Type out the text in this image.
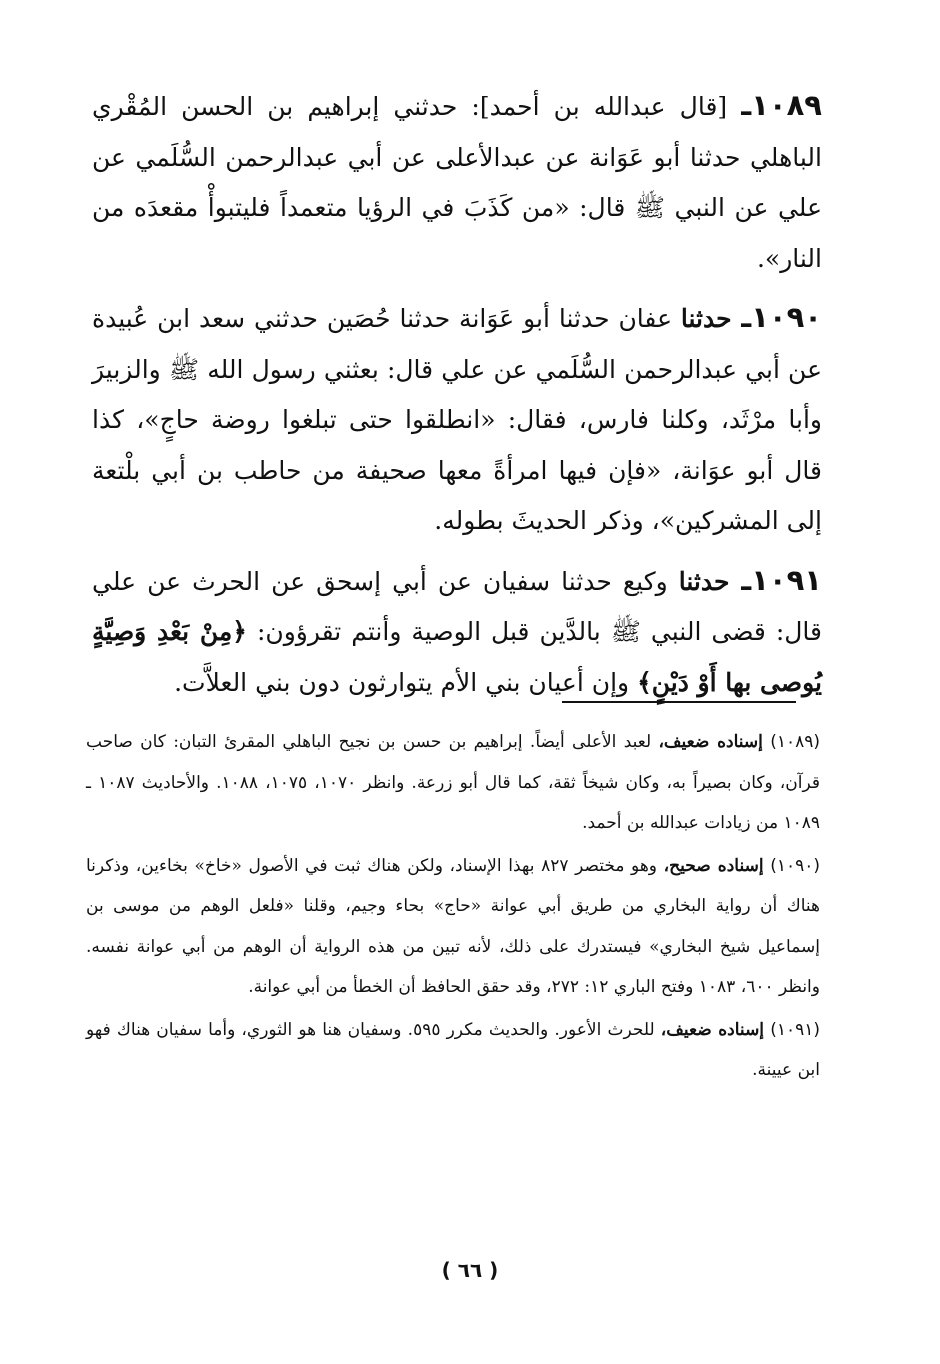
١٠٨٩ـ [قال عبدالله بن أحمد]: حدثني إبراهيم بن الحسن المُقْري الباهلي حدثنا أبو عَوَانة عن عبدالأعلى عن أبي عبدالرحمن السُّلَمي عن علي عن النبي ﷺ قال: «من كَذَبَ في الرؤيا متعمداً فليتبوأْ مقعدَه من النار».

١٠٩٠ـ حدثنا عفان حدثنا أبو عَوَانة حدثنا حُصَين حدثني سعد ابن عُبيدة عن أبي عبدالرحمن السُّلَمي عن علي قال: بعثني رسول الله ﷺ والزبيرَ وأبا مرْثَد، وكلنا فارس، فقال: «انطلقوا حتى تبلغوا روضة حاجٍ»، كذا قال أبو عوَانة، «فإن فيها امرأةً معها صحيفة من حاطب بن أبي بلْتعة إلى المشركين»، وذكر الحديثَ بطوله.

١٠٩١ـ حدثنا وكيع حدثنا سفيان عن أبي إسحق عن الحرث عن علي قال: قضى النبي ﷺ بالدَّين قبل الوصية وأنتم تقرؤون: ﴿مِنْ بَعْدِ وَصِيَّةٍ يُوصى بها أَوْ دَيْنٍ﴾ وإن أعيان بني الأم يتوارثون دون بني العلاَّت.

(١٠٨٩) إسناده ضعيف، لعبد الأعلى أيضاً. إبراهيم بن حسن بن نجيح الباهلي المقرئ التبان: كان صاحب قرآن، وكان بصيراً به، وكان شيخاً ثقة، كما قال أبو زرعة. وانظر ١٠٧٠، ١٠٧٥، ١٠٨٨. والأحاديث ١٠٨٧ ـ ١٠٨٩ من زيادات عبدالله بن أحمد.

(١٠٩٠) إسناده صحيح، وهو مختصر ٨٢٧ بهذا الإسناد، ولكن هناك ثبت في الأصول «خاخ» بخاءين، وذكرنا هناك أن رواية البخاري من طريق أبي عوانة «حاج» بحاء وجيم، وقلنا «فلعل الوهم من موسى بن إسماعيل شيخ البخاري» فيستدرك على ذلك، لأنه تبين من هذه الرواية أن الوهم من أبي عوانة نفسه. وانظر ٦٠٠، ١٠٨٣ وفتح الباري ١٢: ٢٧٢، وقد حقق الحافظ أن الخطأ من أبي عوانة.

(١٠٩١) إسناده ضعيف، للحرث الأعور. والحديث مكرر ٥٩٥. وسفيان هنا هو الثوري، وأما سفيان هناك فهو ابن عيينة.

( ٦٦ )
